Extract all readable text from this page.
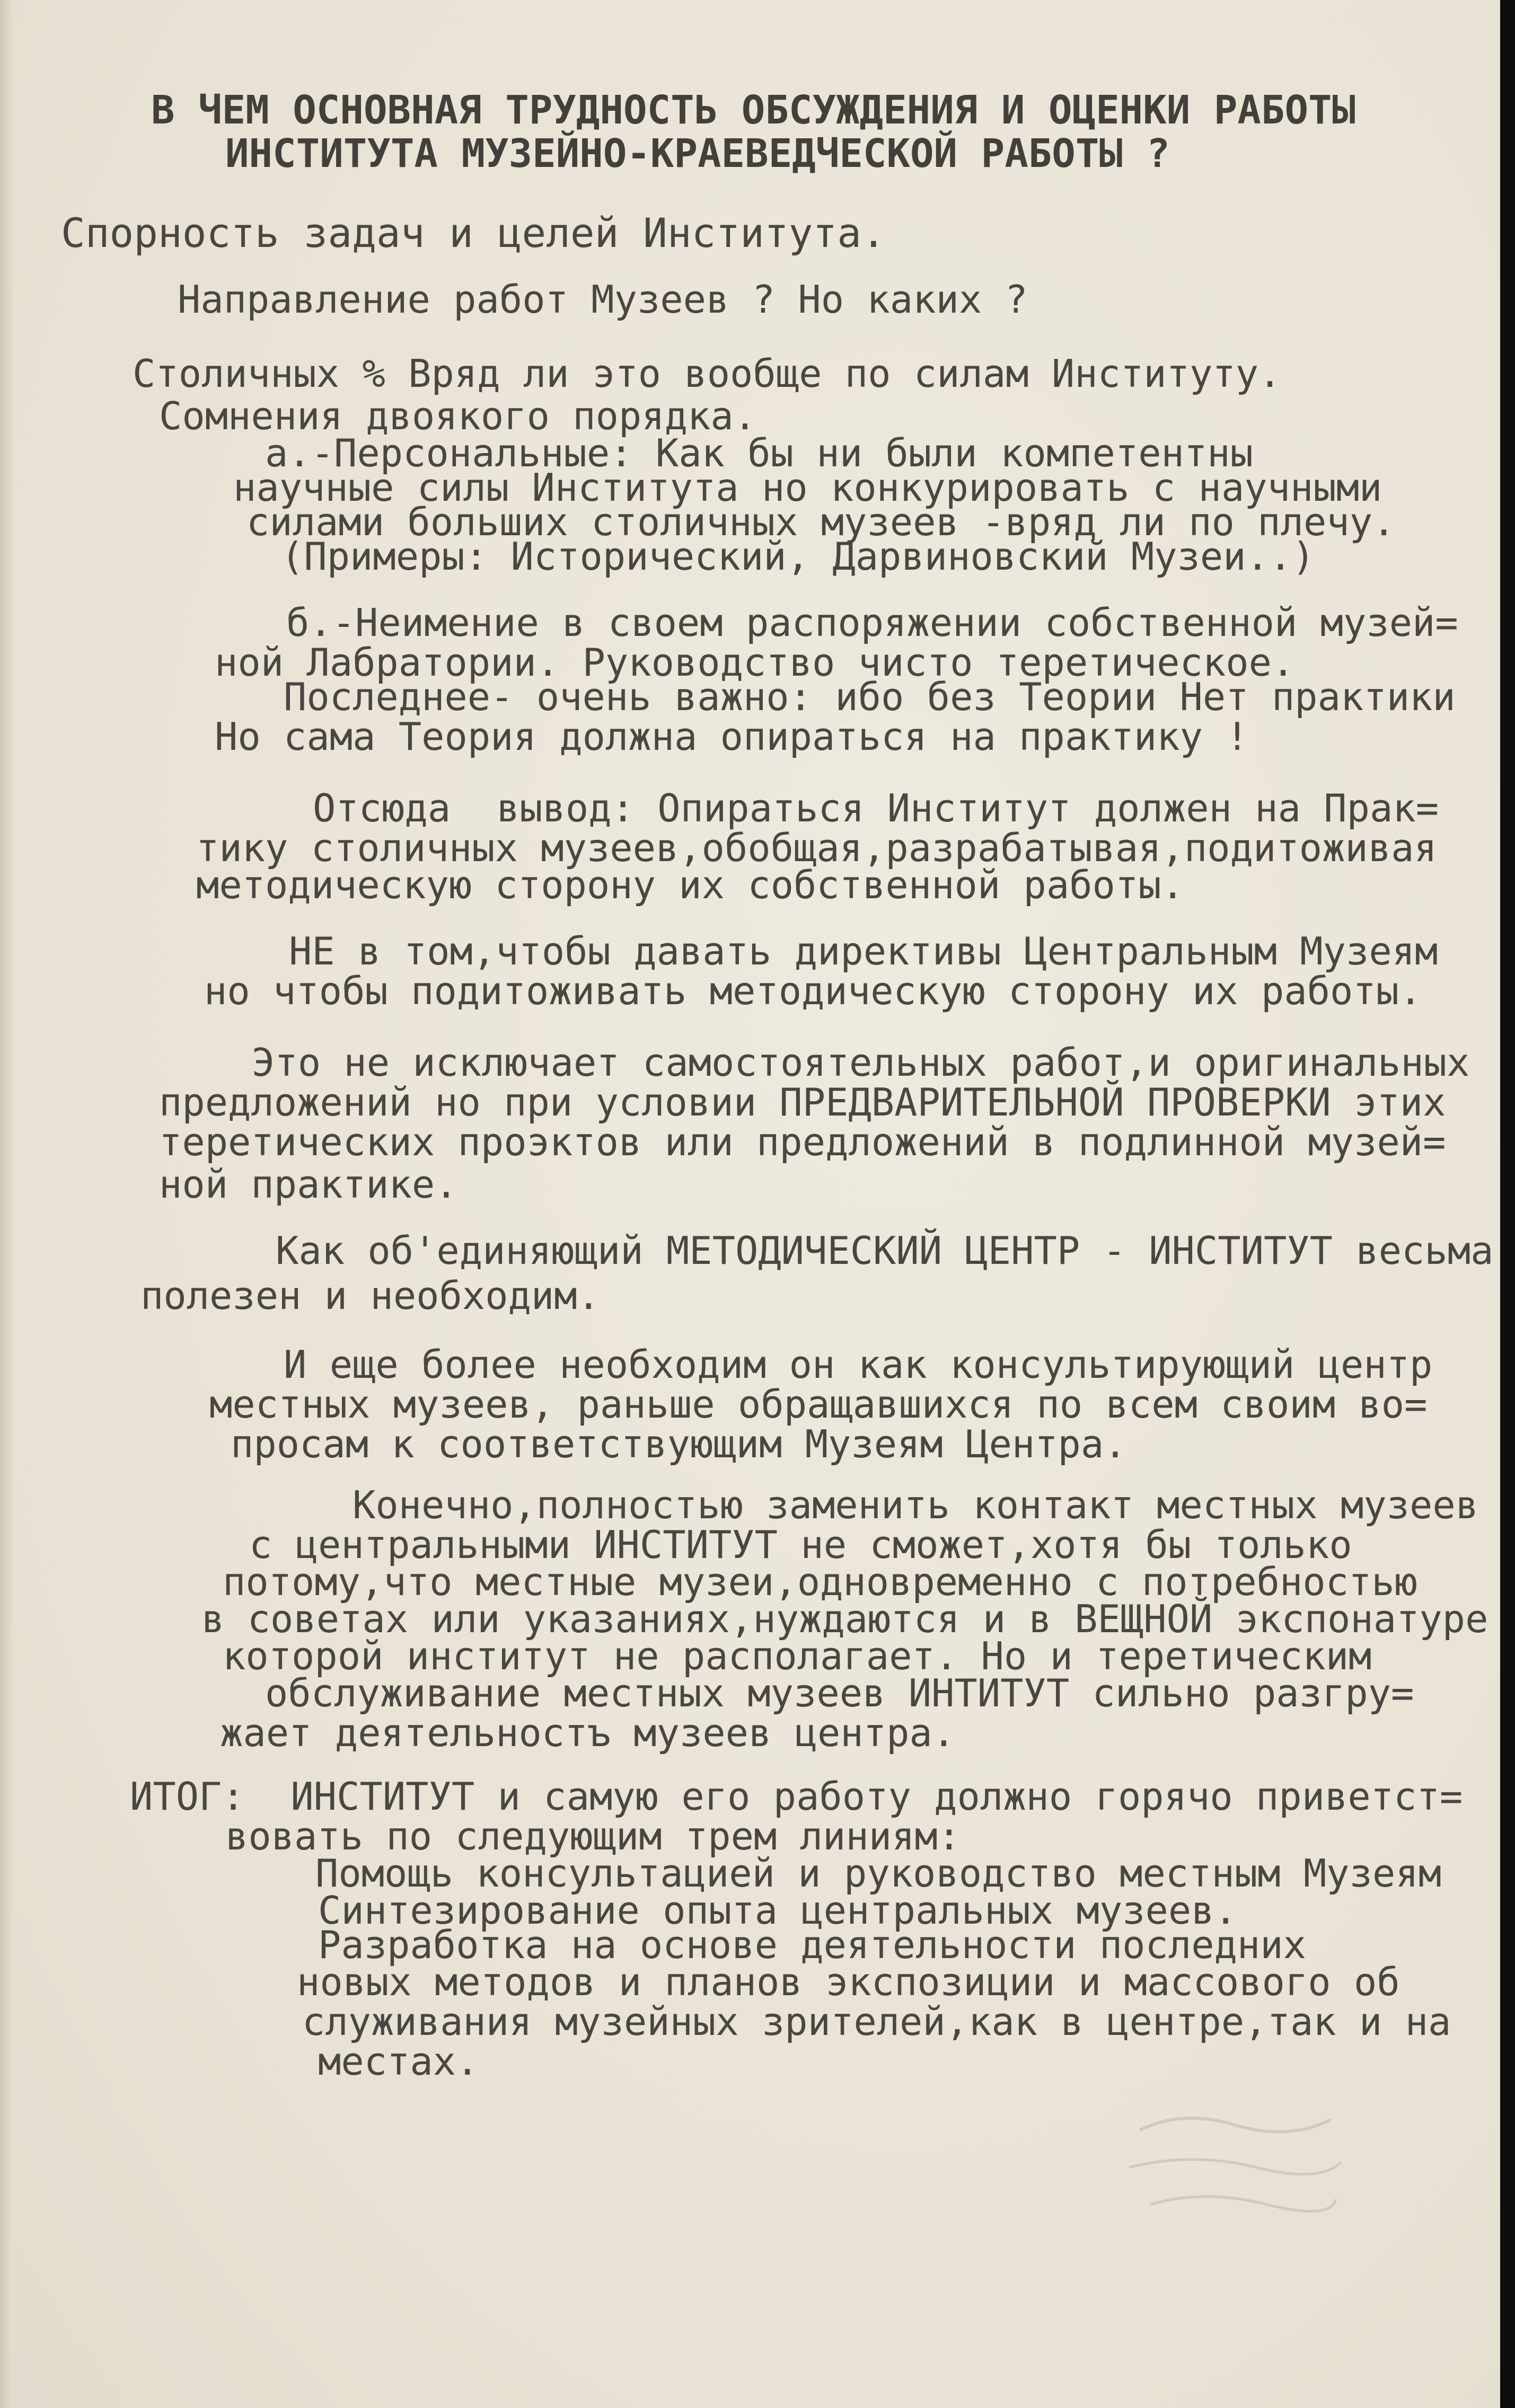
В ЧЕМ ОСНОВНАЯ ТРУДНОСТЬ ОБСУЖДЕНИЯ И ОЦЕНКИ РАБОТЫ
ИНСТИТУТА МУЗЕЙНО-КРАЕВЕДЧЕСКОЙ РАБОТЫ ?
Спорность задач и целей Института.
Направление работ Музеев ? Но каких ?
Столичных % Вряд ли это вообще по силам Институту.
Сомнения двоякого порядка.
а.-Персональные: Как бы ни были компетентны
научные силы Института но конкурировать с научными
силами больших столичных музеев -вряд ли по плечу.
(Примеры: Исторический, Дарвиновский Музеи..)
б.-Неимение в своем распоряжении собственной музей=
ной Лабратории. Руководство чисто теретическое.
Последнее- очень важно: ибо без Теории Нет практики
Но сама Теория должна опираться на практику !
Отсюда  вывод: Опираться Институт должен на Прак=
тику столичных музеев,обобщая,разрабатывая,подитоживая
методическую сторону их собственной работы.
НЕ в том,чтобы давать директивы Центральным Музеям
но чтобы подитоживать методическую сторону их работы.
Это не исключает самостоятельных работ,и оригинальных
предложений но при условии ПРЕДВАРИТЕЛЬНОЙ ПРОВЕРКИ этих
теретических проэктов или предложений в подлинной музей=
ной практике.
Как об'единяющий МЕТОДИЧЕСКИЙ ЦЕНТР - ИНСТИТУТ весьма
полезен и необходим.
И еще более необходим он как консультирующий центр
местных музеев, раньше обращавшихся по всем своим во=
просам к соответствующим Музеям Центра.
Конечно,полностью заменить контакт местных музеев
с центральными ИНСТИТУТ не сможет,хотя бы только
потому,что местные музеи,одновременно с потребностью
в советах или указаниях,нуждаются и в ВЕЩНОЙ экспонатуре
которой институт не располагает. Но и теретическим
обслуживание местных музеев ИНТИТУТ сильно разгру=
жает деятельностъ музеев центра.
ИТОГ:  ИНСТИТУТ и самую его работу должно горячо приветст=
вовать по следующим трем линиям:
Помощь консультацией и руководство местным Музеям
Синтезирование опыта центральных музеев.
Разработка на основе деятельности последних
новых методов и планов экспозиции и массового об
служивания музейных зрителей,как в центре,так и на
местах.
